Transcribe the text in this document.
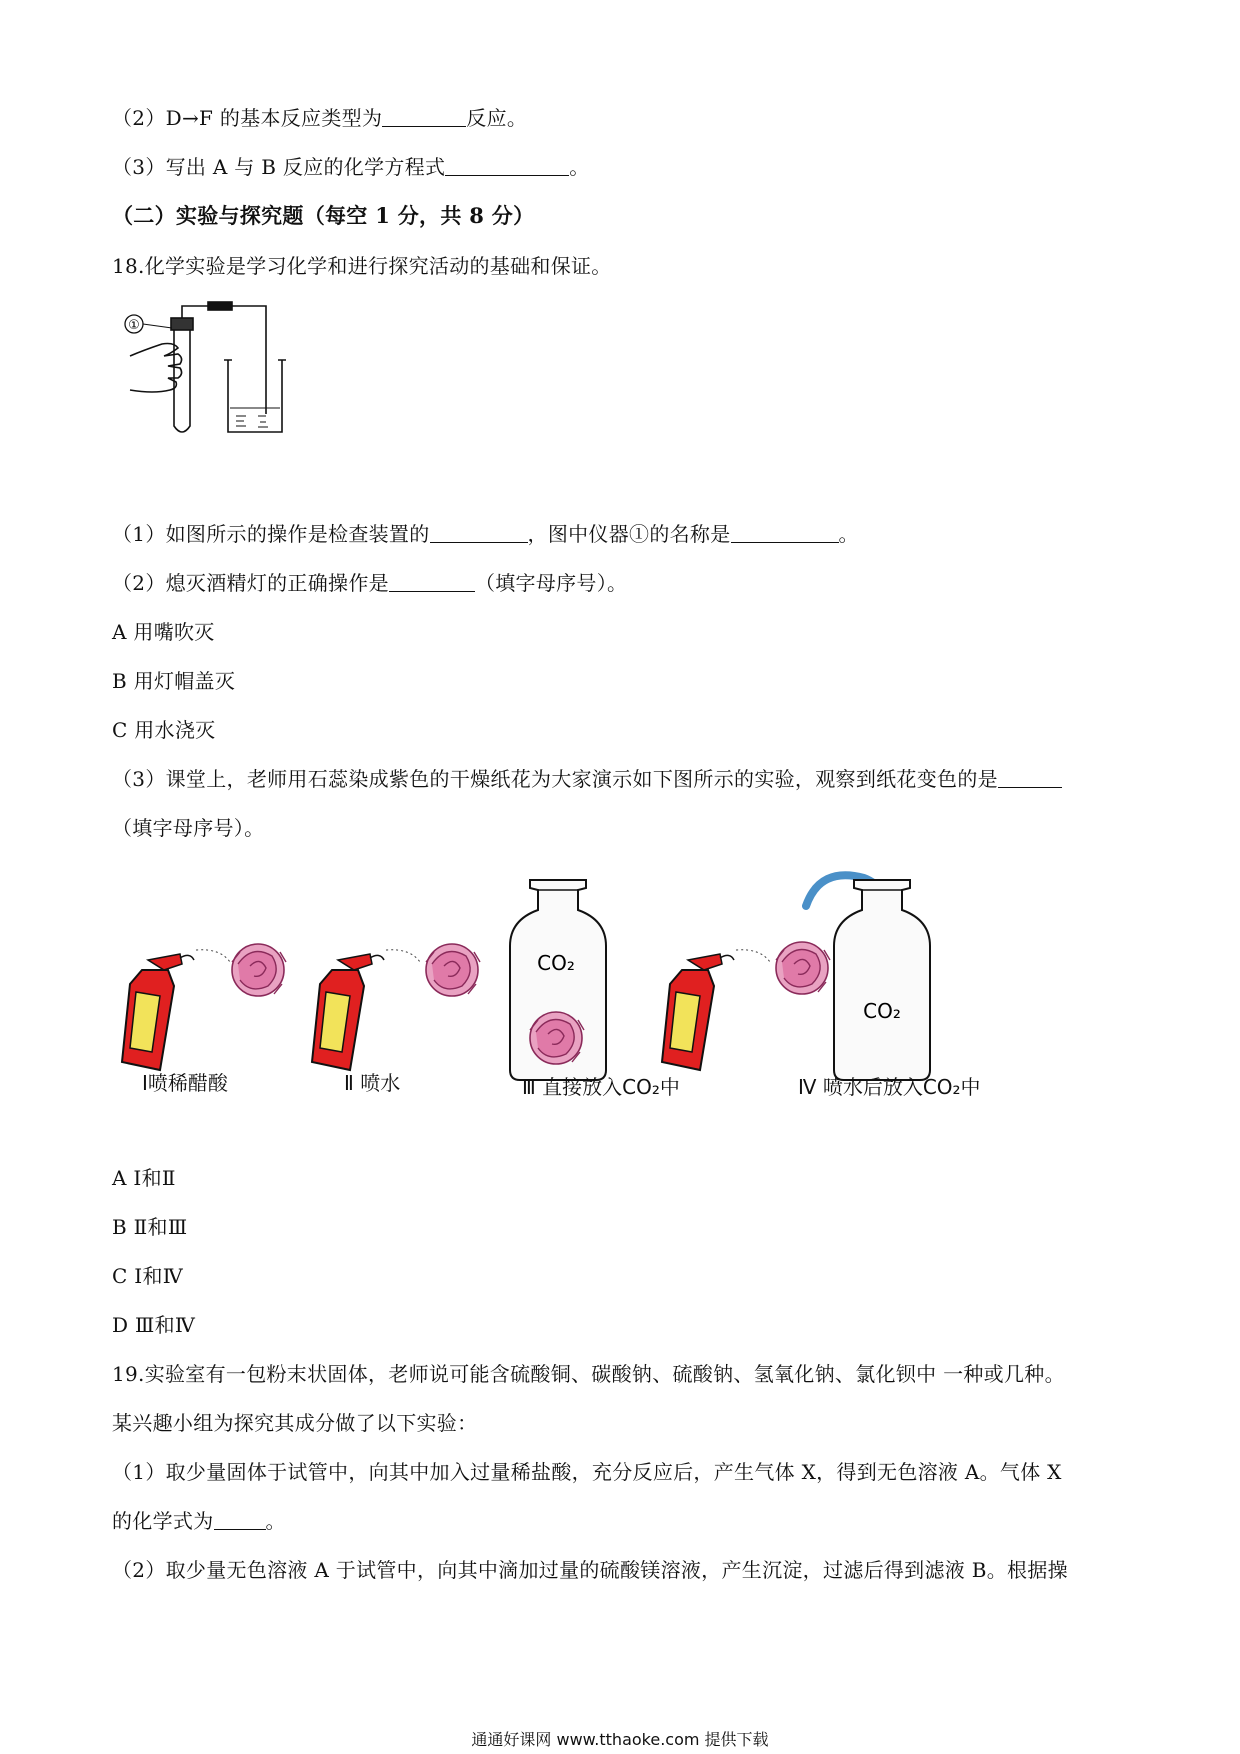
（2）D→F 的基本反应类型为	反应。
（3）写出 A 与 B 反应的化学方程式	。
（二）实验与探究题（每空 1 分，共 8 分）
18.化学实验是学习化学和进行探究活动的基础和保证。
①
（1）如图所示的操作是检查装置的	，图中仪器①的名称是	。
（2）熄灭酒精灯的正确操作是	（填字母序号）。
A 用嘴吹灭
B 用灯帽盖灭
C 用水浇灭
（3）课堂上，老师用石蕊染成紫色的干燥纸花为大家演示如下图所示的实验，观察到纸花变色的是
（填字母序号）。
CO₂
CO₂
Ⅰ喷稀醋酸	Ⅱ 喷水	Ⅲ 直接放入CO₂中	Ⅳ 喷水后放入CO₂中
A Ⅰ和Ⅱ
B Ⅱ和Ⅲ
C Ⅰ和Ⅳ
D Ⅲ和Ⅳ
19.实验室有一包粉末状固体，老师说可能含硫酸铜、碳酸钠、硫酸钠、氢氧化钠、氯化钡中 一种或几种。
某兴趣小组为探究其成分做了以下实验：
（1）取少量固体于试管中，向其中加入过量稀盐酸，充分反应后，产生气体 X，得到无色溶液 A。气体 X
的化学式为	。
（2）取少量无色溶液 A 于试管中，向其中滴加过量的硫酸镁溶液，产生沉淀，过滤后得到滤液 B。根据操
通通好课网 www.tthaoke.com 提供下载
